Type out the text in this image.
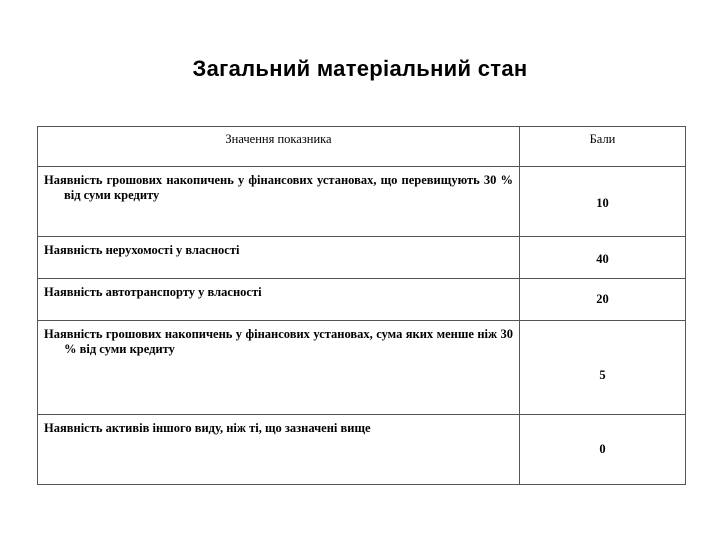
Загальний матеріальний стан
Значення показника	Бали

Наявність грошових накопичень у фінансових установах, що перевищують 30 % від суми кредиту	10

Наявність нерухомості у власності	40

Наявність автотранспорту у власності	20

Наявність грошових накопичень у фінансових установах, сума яких менше ніж 30 % від суми кредиту	5

Наявність активів іншого виду, ніж ті, що зазначені вище	0
